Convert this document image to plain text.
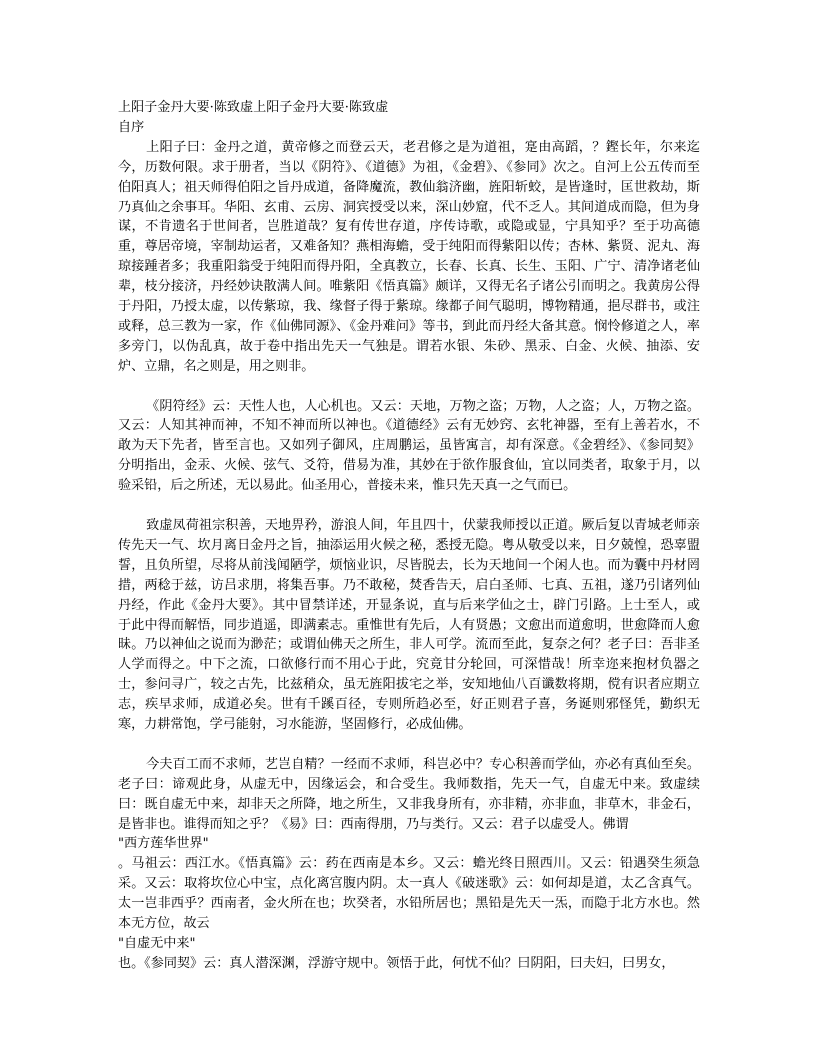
上阳子金丹大要·陈致虚上阳子金丹大要·陈致虚
自序

上阳子曰：金丹之道，黄帝修之而登云天，老君修之是为道祖，寔由高蹈，？鏗长年，尔来迄今，历数何限。求于册者，当以《阴符》、《道德》为祖，《金碧》、《参同》次之。自河上公五传而至伯阳真人；祖天师得伯阳之旨丹成道，备降魔流，教仙翁济幽，旌阳斩蛟，是皆逢时，匡世救劫，斯乃真仙之余事耳。华阳、玄甫、云房、洞宾授受以来，深山妙窟，代不乏人。其间道成而隐，但为身谋，不肯遗名于世间者，岂胜道哉？复有传世存道，序传诗歌，或隐或显，宁具知乎？至于功高德重，尊居帝境，宰制劫运者，又难备知？燕相海蟾，受于纯阳而得紫阳以传；杏林、紫贤、泥丸、海琼接踵者多；我重阳翁受于纯阳而得丹阳，全真教立，长春、长真、长生、玉阳、广宁、清净诸老仙辈，枝分接济，丹经妙诀散满人间。唯紫阳《悟真篇》颇详，又得无名子诸公引而明之。我黄房公得于丹阳，乃授太虚，以传紫琼，我、缘督子得于紫琼。缘都子间气聪明，博物精通，挹尽群书，或注或释，总三教为一家，作《仙佛同源》、《金丹难问》等书，到此而丹经大备其意。悯怜修道之人，率多旁门，以伪乱真，故于卷中指出先天一气独是。谓若水银、朱砂、黑汞、白金、火候、抽添、安炉、立鼎，名之则是，用之则非。

《阴符经》云：天性人也，人心机也。又云：天地，万物之盗；万物，人之盗；人，万物之盗。又云：人知其神而神，不知不神而所以神也。《道德经》云有无妙窍、玄牝神器，至有上善若水，不敢为天下先者，皆至言也。又如列子御风，庄周鹏运，虽皆寓言，却有深意。《金碧经》、《参同契》分明指出，金汞、火候、弦气、爻符，借易为准，其妙在于欲作服食仙，宜以同类者，取象于月，以验采铅，后之所述，无以易此。仙圣用心，普接未来，惟只先天真一之气而已。

致虚凤荷祖宗积善，天地畀矜，游浪人间，年且四十，伏蒙我师授以正道。厥后复以青城老师亲传先天一气、坎月离日金丹之旨，抽添运用火候之秘，悉授无隐。粤从敬受以来，日夕兢惶，恐辜盟誓，且负所望，尽将从前浅闻陋学，烦恼业识，尽皆脱去，长为天地间一个闲人也。而为囊中丹材罔措，两稔于兹，访吕求朋，将集吾事。乃不敢秘，焚香告天，启白圣师、七真、五祖，遂乃引诸列仙丹经，作此《金丹大要》。其中冒禁详述，开显条说，直与后来学仙之士，辟门引路。上士至人，或于此中得而解悟，同步逍遥，即满素志。重惟世有先后，人有贤愚；文愈出而道愈明，世愈降而人愈昧。乃以神仙之说而为渺茫；或谓仙佛天之所生，非人可学。流而至此，复奈之何？老子曰：吾非圣人学而得之。中下之流，口欲修行而不用心于此，究竟甘分轮回，可深惜哉！所幸迩来抱材负器之士，参问寻广，较之古先，比兹稍众，虽无旌阳拔宅之举，安知地仙八百谶数将期，傥有识者应期立志，疾早求师，成道必矣。世有千蹊百径，专则所趋必至，好正则君子喜，务诞则邪怪凭，勤织无寒，力耕常饱，学弓能射，习水能游，坚固修行，必成仙佛。

今夫百工而不求师，艺岂自精？一经而不求师，科岂必中？专心积善而学仙，亦必有真仙至矣。老子曰：谛观此身，从虚无中，因缘运会，和合受生。我师数指，先天一气，自虚无中来。致虚续曰：既自虚无中来，却非天之所降，地之所生，又非我身所有，亦非精，亦非血，非草木，非金石，是皆非也。谁得而知之乎？《易》曰：西南得朋，乃与类行。又云：君子以虚受人。佛谓

"西方莲华世界"

。马祖云：西江水。《悟真篇》云：药在西南是本乡。又云：蟾光终日照西川。又云：铅遇癸生须急采。又云：取将坎位心中宝，点化离宫腹内阴。太一真人《破迷歌》云：如何却是道，太乙含真气。太一岂非西乎？西南者，金火所在也；坎癸者，水铅所居也；黑铅是先天一炁，而隐于北方水也。然本无方位，故云

"自虚无中来"

也。《参同契》云：真人潜深渊，浮游守规中。领悟于此，何忧不仙？曰阴阳，曰夫妇，曰男女，
